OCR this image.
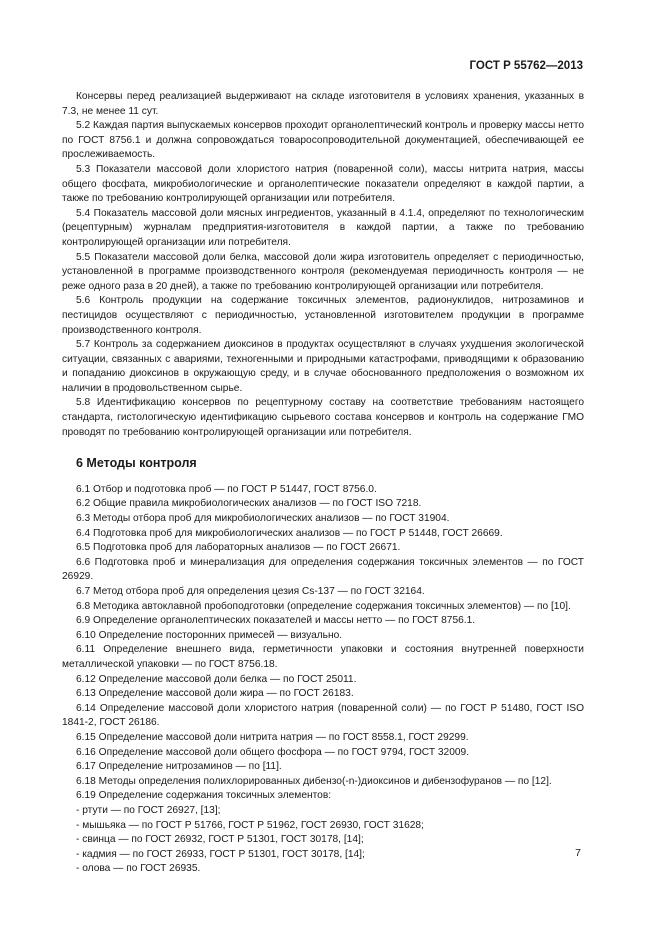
ГОСТ Р 55762—2013

Консервы перед реализацией выдерживают на складе изготовителя в условиях хранения, указанных в 7.3, не менее 11 сут.

5.2 Каждая партия выпускаемых консервов проходит органолептический контроль и проверку массы нетто по ГОСТ 8756.1 и должна сопровождаться товаросопроводительной документацией, обеспечивающей ее прослеживаемость.

5.3 Показатели массовой доли хлористого натрия (поваренной соли), массы нитрита натрия, массы общего фосфата, микробиологические и органолептические показатели определяют в каждой партии, а также по требованию контролирующей организации или потребителя.

5.4 Показатель массовой доли мясных ингредиентов, указанный в 4.1.4, определяют по технологическим (рецептурным) журналам предприятия-изготовителя в каждой партии, а также по требованию контролирующей организации или потребителя.

5.5 Показатели массовой доли белка, массовой доли жира изготовитель определяет с периодичностью, установленной в программе производственного контроля (рекомендуемая периодичность контроля — не реже одного раза в 20 дней), а также по требованию контролирующей организации или потребителя.

5.6 Контроль продукции на содержание токсичных элементов, радионуклидов, нитрозаминов и пестицидов осуществляют с периодичностью, установленной изготовителем продукции в программе производственного контроля.

5.7 Контроль за содержанием диоксинов в продуктах осуществляют в случаях ухудшения экологической ситуации, связанных с авариями, техногенными и природными катастрофами, приводящими к образованию и попаданию диоксинов в окружающую среду, и в случае обоснованного предположения о возможном их наличии в продовольственном сырье.

5.8 Идентификацию консервов по рецептурному составу на соответствие требованиям настоящего стандарта, гистологическую идентификацию сырьевого состава консервов и контроль на содержание ГМО проводят по требованию контролирующей организации или потребителя.

6 Методы контроля

6.1 Отбор и подготовка проб — по ГОСТ Р 51447, ГОСТ 8756.0.

6.2 Общие правила микробиологических анализов — по ГОСТ ISO 7218.

6.3 Методы отбора проб для микробиологических анализов — по ГОСТ 31904.

6.4 Подготовка проб для микробиологических анализов — по ГОСТ Р 51448, ГОСТ 26669.

6.5 Подготовка проб для лабораторных анализов — по ГОСТ 26671.

6.6 Подготовка проб и минерализация для определения содержания токсичных элементов — по ГОСТ 26929.

6.7 Метод отбора проб для определения цезия Cs-137 — по ГОСТ 32164.

6.8 Методика автоклавной пробоподготовки (определение содержания токсичных элементов) — по [10].

6.9 Определение органолептических показателей и массы нетто — по ГОСТ 8756.1.

6.10 Определение посторонних примесей — визуально.

6.11 Определение внешнего вида, герметичности упаковки и состояния внутренней поверхности металлической упаковки — по ГОСТ 8756.18.

6.12 Определение массовой доли белка — по ГОСТ 25011.

6.13 Определение массовой доли жира — по ГОСТ 26183.

6.14 Определение массовой доли хлористого натрия (поваренной соли) — по ГОСТ Р 51480, ГОСТ ISO 1841-2, ГОСТ 26186.

6.15 Определение массовой доли нитрита натрия — по ГОСТ 8558.1, ГОСТ 29299.

6.16 Определение массовой доли общего фосфора — по ГОСТ 9794, ГОСТ 32009.

6.17 Определение нитрозаминов — по [11].

6.18 Методы определения полихлорированных дибензо(-n-)диоксинов и дибензофуранов — по [12].

6.19 Определение содержания токсичных элементов:

- ртути — по ГОСТ 26927, [13];

- мышьяка — по ГОСТ Р 51766, ГОСТ Р 51962, ГОСТ 26930, ГОСТ 31628;

- свинца — по ГОСТ 26932, ГОСТ Р 51301, ГОСТ 30178, [14];

- кадмия — по ГОСТ 26933, ГОСТ Р 51301, ГОСТ 30178, [14];

- олова — по ГОСТ 26935.

7
